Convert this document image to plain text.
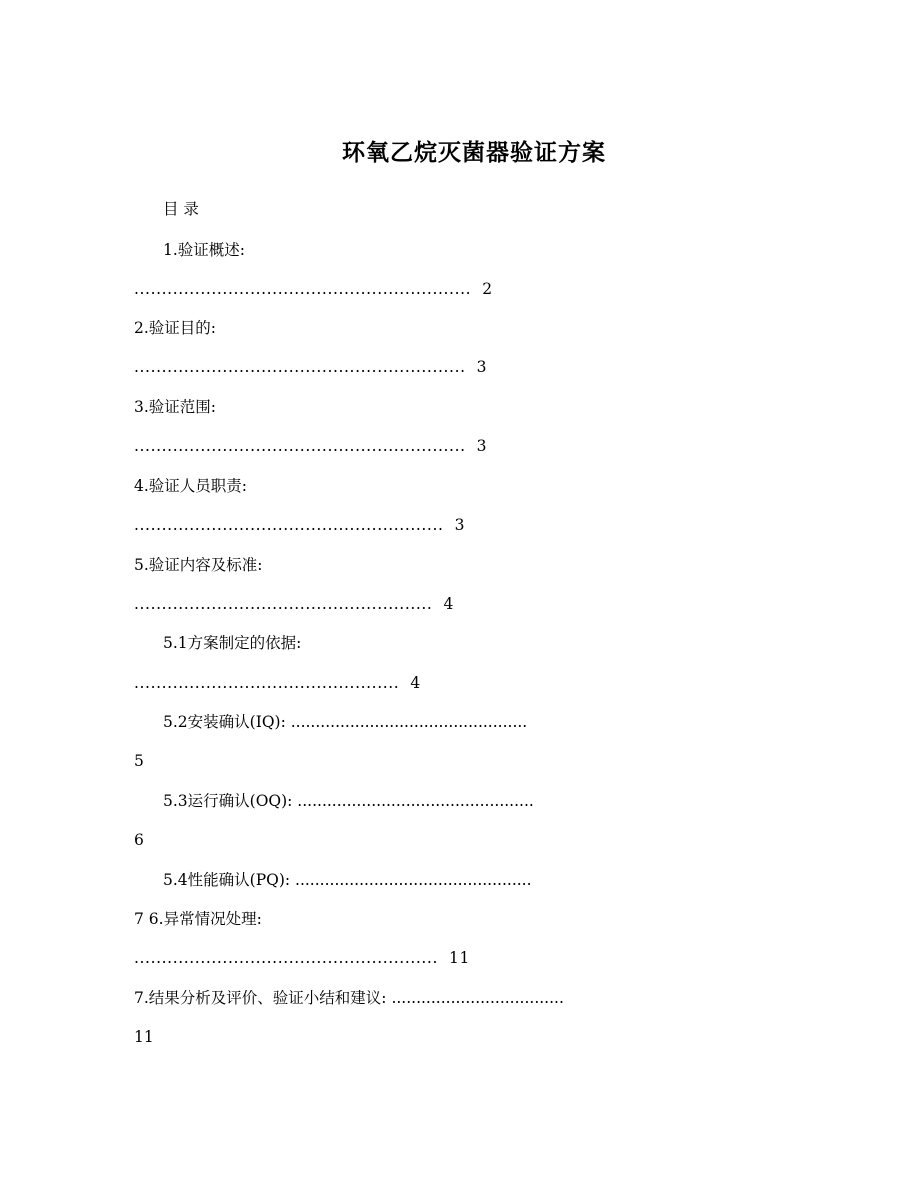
环氧乙烷灭菌器验证方案
目 录
1.验证概述:
.............................................................  2
2.验证目的:
............................................................  3
3.验证范围:
............................................................  3
4.验证人员职责:
........................................................  3
5.验证内容及标准:
......................................................  4
5.1方案制定的依据:
................................................  4
5.2安装确认(IQ): ................................................
5
5.3运行确认(OQ): ................................................
6
5.4性能确认(PQ): ................................................
7 6.异常情况处理:
.......................................................  11
7.结果分析及评价、验证小结和建议: ...................................
11
